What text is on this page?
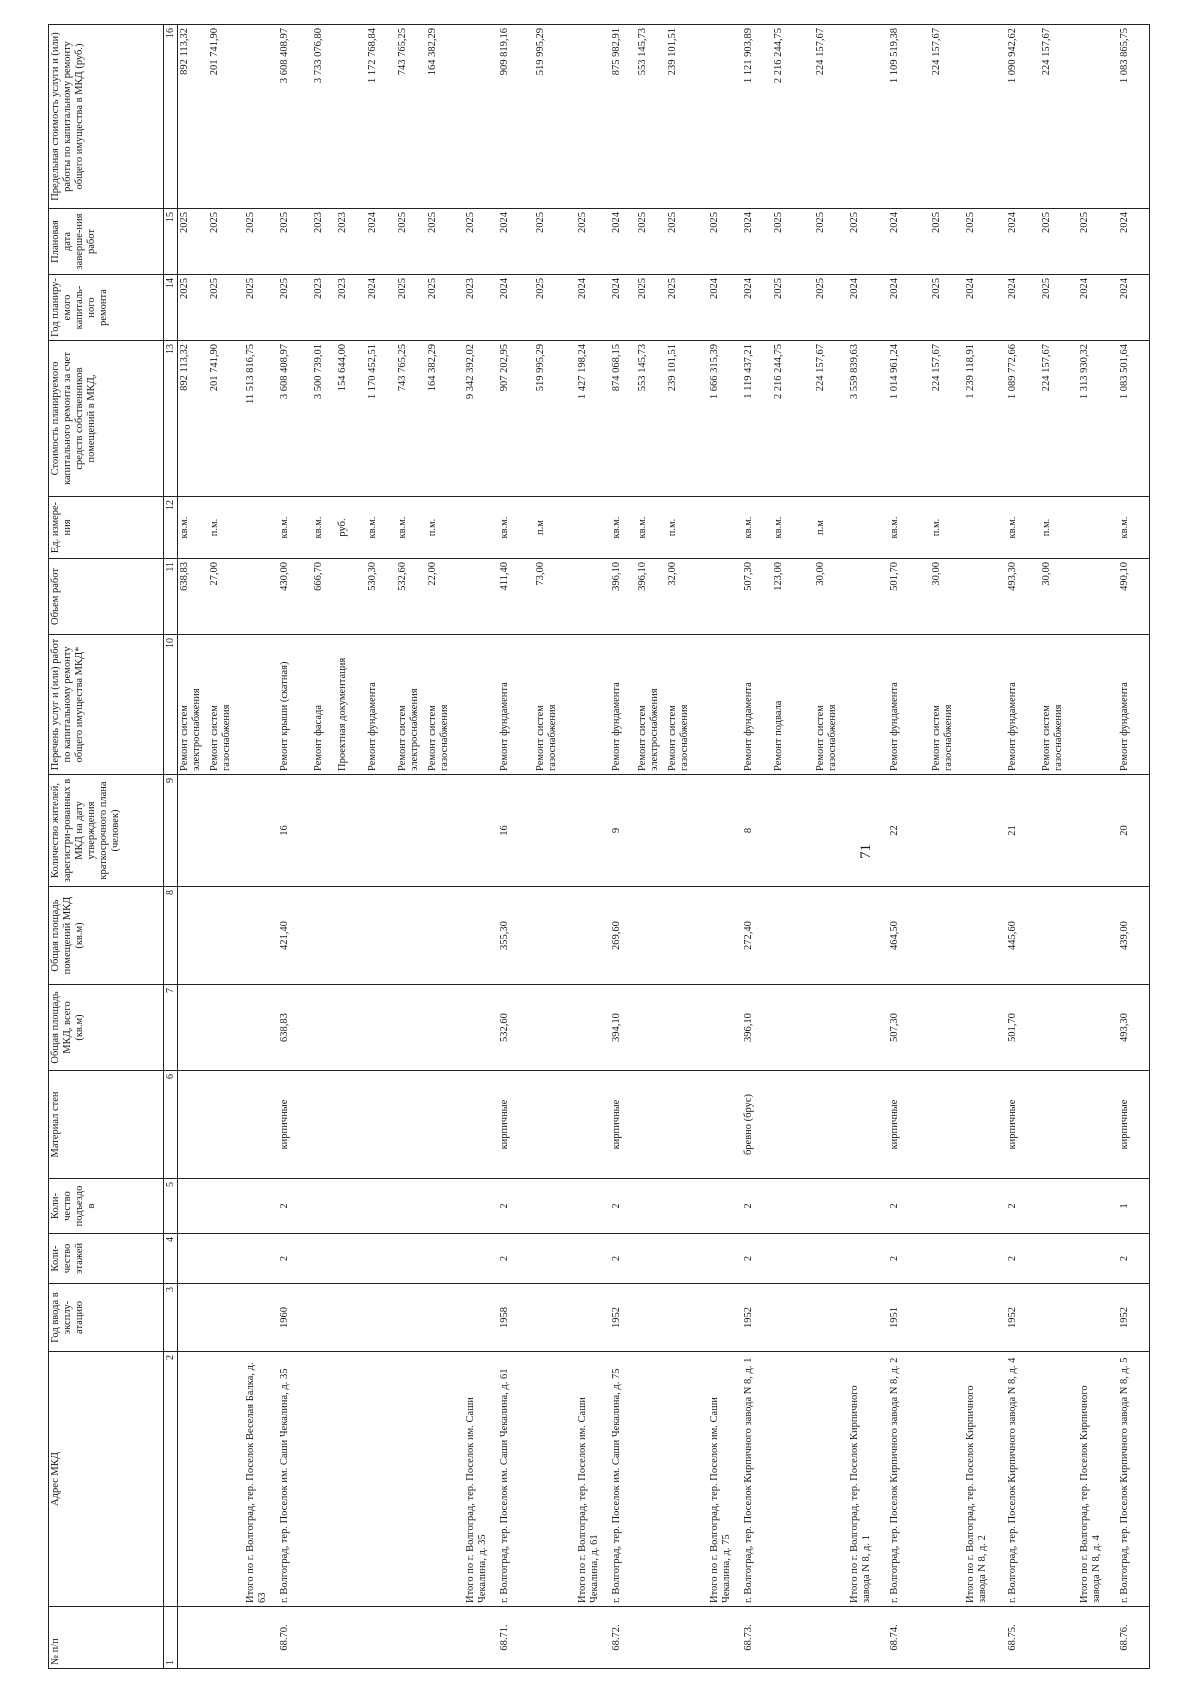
71
№ п/п	Адрес МКД	Год ввода в эксплу-атацию	Коли-чество этажей	Коли-чество подъездо в	Материал стен	Общая площадь МКД, всего (кв.м)	Общая площадь помещений МКД (кв.м)	Количество жителей, зарегистри-рованных в МКД на дату утверждения краткосрочного плана (человек)	Перечень услуг и (или) работ по капитальному ремонту общего имущества МКД*	Объем работ	Ед. измере-ния	Стоимость планируемого капитального ремонта за счет средств собственников помещений в МКД,	Год планиру-емого капиталь-ного ремонта	Плановая дата заверше-ния работ	Предельная стоимость услуги и (или) работы по капитальному ремонту общего имущества в МКД (руб.)
1	2	3	4	5	6	7	8	9	10	11	12	13	14	15	16
									Ремонт систем электроснабжения	638,83	кв.м.	892 113,32	2025	2025	892 113,32
									Ремонт систем газоснабжения	27,00	п.м.	201 741,90	2025	2025	201 741,90
	Итого по г. Волгоград, тер. Поселок Веселая Балка, д. 63											11 513 816,75	2025	2025	
68.70.	г. Волгоград, тер. Поселок им. Саши Чекалина, д. 35	1960	2	2	кирпичные	638,83	421,40	16	Ремонт крыши (скатная)	430,00	кв.м.	3 608 408,97	2025	2025	3 608 408,97
									Ремонт фасада	666,70	кв.м.	3 500 739,01	2023	2023	3 733 076,80
									Проектная документация		руб.	154 644,00	2023	2023	
									Ремонт фундамента	530,30	кв.м.	1 170 452,51	2024	2024	1 172 768,84
									Ремонт систем электроснабжения	532,60	кв.м.	743 765,25	2025	2025	743 765,25
									Ремонт систем газоснабжения	22,00	п.м.	164 382,29	2025	2025	164 382,29
	Итого по г. Волгоград, тер. Поселок им. Саши Чекалина, д. 35											9 342 392,02	2023	2025	
68.71.	г. Волгоград, тер. Поселок им. Саши Чекалина, д. 61	1958	2	2	кирпичные	532,60	355,30	16	Ремонт фундамента	411,40	кв.м.	907 202,95	2024	2024	909 819,16
									Ремонт систем газоснабжения	73,00	п.м	519 995,29	2025	2025	519 995,29
	Итого по г. Волгоград, тер. Поселок им. Саши Чекалина, д. 61											1 427 198,24	2024	2025	
68.72.	г. Волгоград, тер. Поселок им. Саши Чекалина, д. 75	1952	2	2	кирпичные	394,10	269,60	9	Ремонт фундамента	396,10	кв.м.	874 068,15	2024	2024	875 982,91
									Ремонт систем электроснабжения	396,10	кв.м.	553 145,73	2025	2025	553 145,73
									Ремонт систем газоснабжения	32,00	п.м.	239 101,51	2025	2025	239 101,51
	Итого по г. Волгоград, тер. Поселок им. Саши Чекалина, д. 75											1 666 315,39	2024	2025	
68.73.	г. Волгоград, тер. Поселок Кирпичного завода N 8, д. 1	1952	2	2	бревно (брус)	396,10	272,40	8	Ремонт фундамента	507,30	кв.м.	1 119 437,21	2024	2024	1 121 903,89
									Ремонт подвала	123,00	кв.м.	2 216 244,75	2025	2025	2 216 244,75
									Ремонт систем газоснабжения	30,00	п.м	224 157,67	2025	2025	224 157,67
	Итого по г. Волгоград, тер. Поселок Кирпичного завода N 8, д. 1											3 559 839,63	2024	2025	
68.74.	г. Волгоград, тер. Поселок Кирпичного завода N 8, д. 2	1951	2	2	кирпичные	507,30	464,50	22	Ремонт фундамента	501,70	кв.м.	1 014 961,24	2024	2024	1 109 519,38
									Ремонт систем газоснабжения	30,00	п.м.	224 157,67	2025	2025	224 157,67
	Итого по г. Волгоград, тер. Поселок Кирпичного завода N 8, д. 2											1 239 118,91	2024	2025	
68.75.	г. Волгоград, тер. Поселок Кирпичного завода N 8, д. 4	1952	2	2	кирпичные	501,70	445,60	21	Ремонт фундамента	493,30	кв.м.	1 089 772,66	2024	2024	1 090 942,62
									Ремонт систем газоснабжения	30,00	п.м.	224 157,67	2025	2025	224 157,67
	Итого по г. Волгоград, тер. Поселок Кирпичного завода N 8, д. 4											1 313 930,32	2024	2025	
68.76.	г. Волгоград, тер. Поселок Кирпичного завода N 8, д. 5	1952	2	1	кирпичные	493,30	439,00	20	Ремонт фундамента	490,10	кв.м.	1 083 501,64	2024	2024	1 083 865,75
